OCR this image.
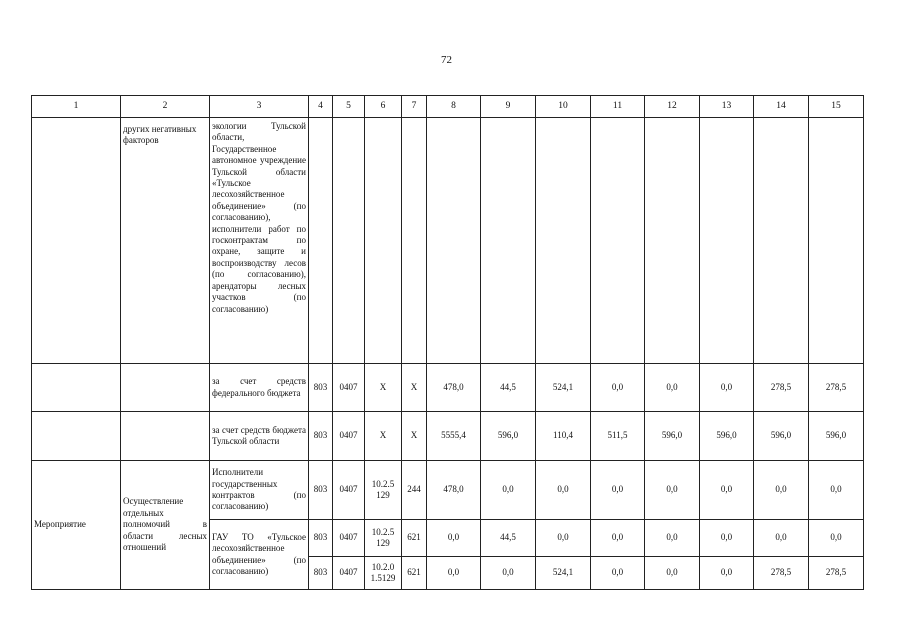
72
1	2	3	4	5	6	7	8	9	10	11	12	13	14	15
	других негативных факторов	экологии Тульской области, Государственное автономное учреждение Тульской области «Тульское лесохозяйственное объединение» (по согласованию), исполнители работ по госконтрактам по охране, защите и воспроизводству лесов (по согласованию), арендаторы лесных участков (по согласованию)												
		за счет средств федерального бюджета	803	0407	X	X	478,0	44,5	524,1	0,0	0,0	0,0	278,5	278,5
		за счет средств бюджета Тульской области	803	0407	X	X	5555,4	596,0	110,4	511,5	596,0	596,0	596,0	596,0
Мероприятие	Осуществление отдельных полномочий в области лесных отношений	Исполнители государственных контрактов (по согласованию)	803	0407	10.2.5 129	244	478,0	0,0	0,0	0,0	0,0	0,0	0,0	0,0
		ГАУ ТО «Тульское лесохозяйственное объединение» (по согласованию)	803	0407	10.2.5 129	621	0,0	44,5	0,0	0,0	0,0	0,0	0,0	0,0
			803	0407	10.2.0 1.5129	621	0,0	0,0	524,1	0,0	0,0	0,0	278,5	278,5
